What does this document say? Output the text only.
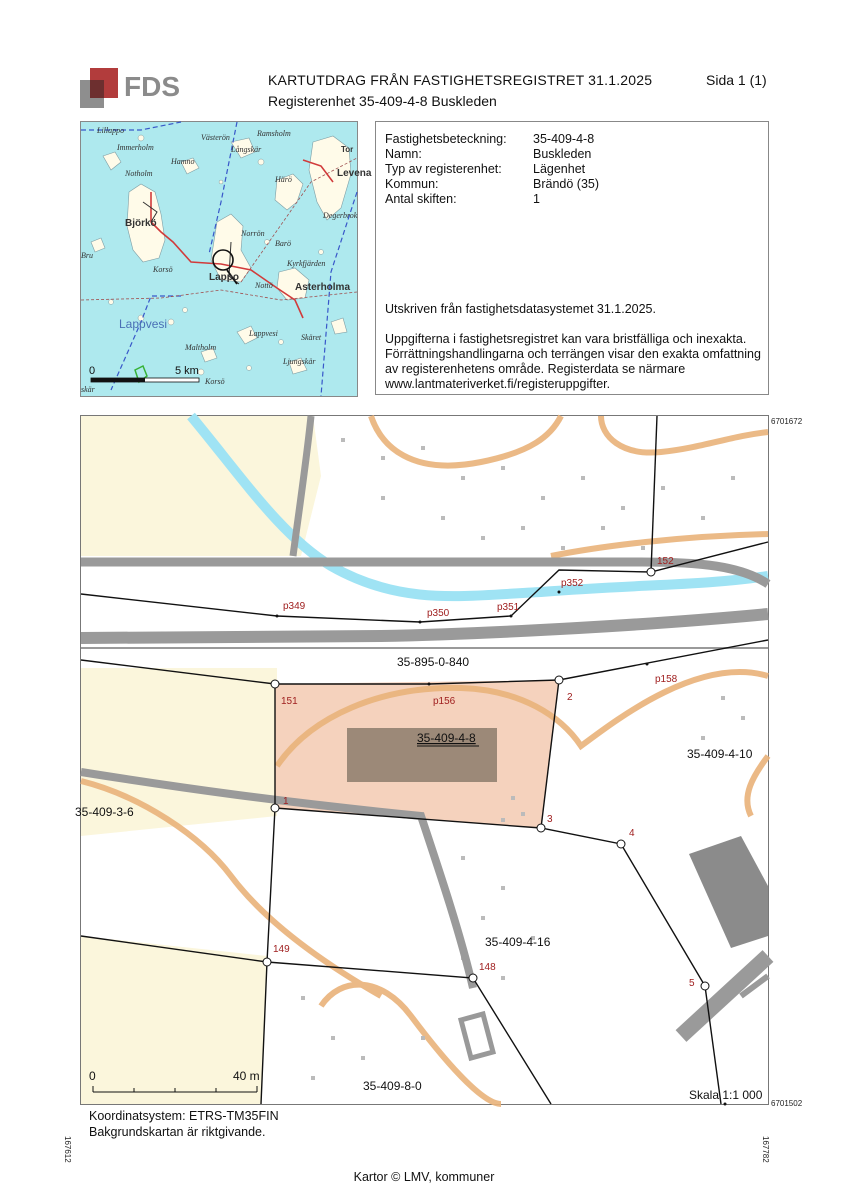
FDS	KARTUTDRAG FRÅN FASTIGHETSREGISTRET 31.1.2025
Registerenhet 35-409-4-8 Buskleden
Sida 1 (1)
0	5 km
Lillappo
Västerön	Ramsholm
Immerholm	Långskär
Hamno
Notholm
Härö
Norrön
Barö
Korsö
Kyrkfjärden
Nottö
Lappvesi	Skäret
Maltholm
Ljungskär
Korsö
Degerbrok
Bru
skär
Björkö
Lappo
Asterholma
Levena
Tor
Lappvesi
Fastighetsbeteckning: 35-409-4-8
Namn:	Buskleden
Typ av registerenhet:	Lägenhet
Kommun:	Brändö (35)
Antal skiften:	1
Utskriven från fastighetsdatasystemet 31.1.2025.
Uppgifterna i fastighetsregistret kan vara bristfälliga och inexakta.
Förrättningshandlingarna och terrängen visar den exakta omfattning
av registerenhetens område. Registerdata se närmare
www.lantmateriverket.fi/registeruppgifter.
6701672
152
p352
p349
p350
p351
151	p156	2
p158
1
3
4
149
148
5
35-895-0-840
35-409-4-8
35-409-4-10
35-409-3-6
35-409-4-16
35-409-8-0
0	40 m
Skala 1:1 000
6701502
167612	167782
Koordinatsystem: ETRS-TM35FIN
Bakgrundskartan är riktgivande.
Kartor © LMV, kommuner
